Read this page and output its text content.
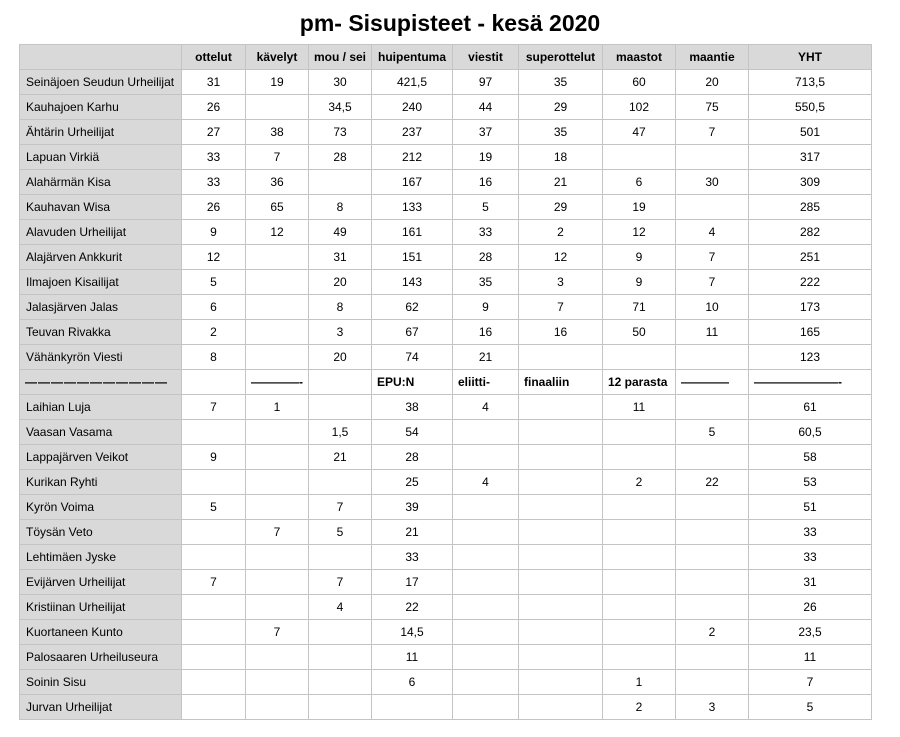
pm- Sisupisteet - kesä 2020
	ottelut	kävelyt	mou / sei	huipentuma	viestit	superottelut	maastot	maantie	YHT
Seinäjoen Seudun Urheilijat	31	19	30	421,5	97	35	60	20	713,5
Kauhajoen Karhu	26		34,5	240	44	29	102	75	550,5
Ähtärin Urheilijat	27	38	73	237	37	35	47	7	501
Lapuan Virkiä	33	7	28	212	19	18			317
Alahärmän Kisa	33	36		167	16	21	6	30	309
Kauhavan Wisa	26	65	8	133	5	29	19		285
Alavuden Urheilijat	9	12	49	161	33	2	12	4	282
Alajärven Ankkurit	12		31	151	28	12	9	7	251
Ilmajoen Kisailijat	5		20	143	35	3	9	7	222
Jalasjärven Jalas	6		8	62	9	7	71	10	173
Teuvan Rivakka	2		3	67	16	16	50	11	165
Vähänkyrön Viesti	8		20	74	21				123
———————————		————-		EPU:N	eliitti-	finaaliin	12 parasta	————	———————-
Laihian Luja	7	1		38	4		11		61
Vaasan Vasama			1,5	54				5	60,5
Lappajärven Veikot	9		21	28					58
Kurikan Ryhti				25	4		2	22	53
Kyrön Voima	5		7	39					51
Töysän Veto		7	5	21					33
Lehtimäen Jyske				33					33
Evijärven Urheilijat	7		7	17					31
Kristiinan Urheilijat			4	22					26
Kuortaneen Kunto		7		14,5				2	23,5
Palosaaren Urheiluseura				11					11
Soinin Sisu				6			1		7
Jurvan Urheilijat							2	3	5
